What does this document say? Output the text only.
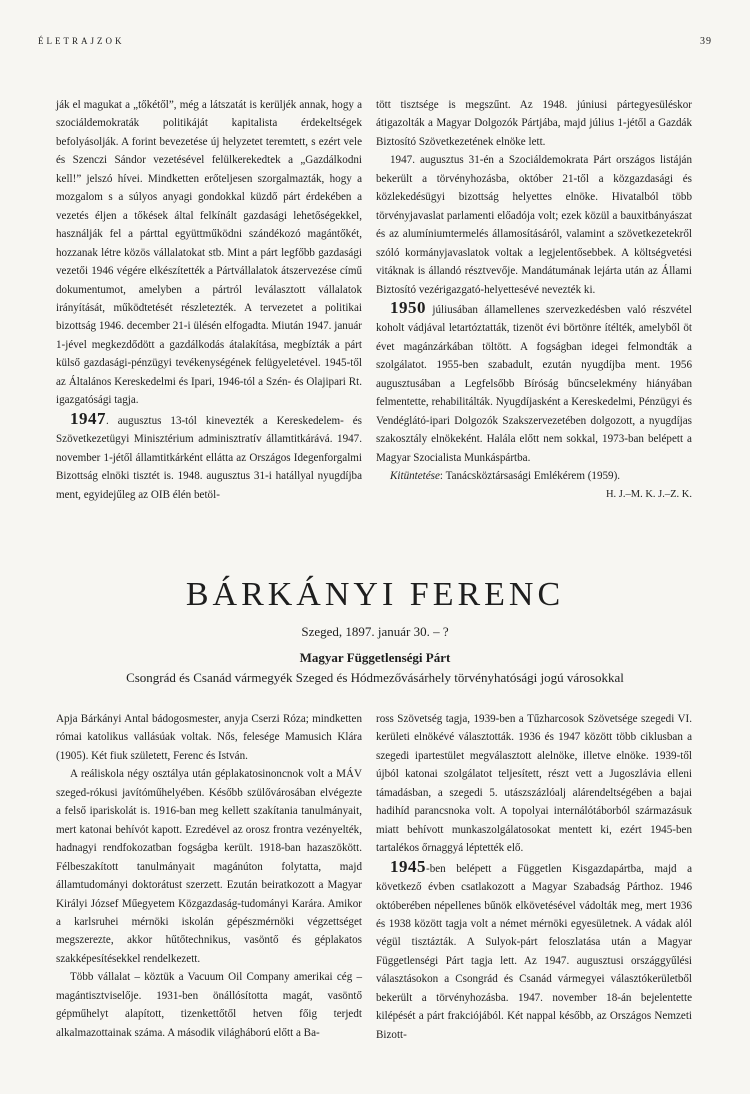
ÉLETRAJZOK	39

ják el magukat a „tőkétől”, még a látszatát is kerüljék annak, hogy a szociáldemokraták politikáját kapitalista érdekeltségek befolyásolják. A forint bevezetése új helyzetet teremtett, s ezért vele és Szenczi Sándor vezetésével felülkerekedtek a „Gazdálkodni kell!” jelszó hívei. Mindketten erőteljesen szorgalmazták, hogy a mozgalom s a súlyos anyagi gondokkal küzdő párt érdekében a vezetés éljen a tőkések által felkínált gazdasági lehetőségekkel, használják fel a párttal együttműködni szándékozó magántőkét, hozzanak létre közös vállalatokat stb. Mint a párt legfőbb gazdasági vezetői 1946 végére elkészítették a Pártvállalatok átszervezése című dokumentumot, amelyben a pártról leválasztott vállalatok irányítását, működtetését részletezték. A tervezetet a politikai bizottság 1946. december 21-i ülésén elfogadta. Miután 1947. január 1-jével megkezdődött a gazdálkodás átalakítása, megbízták a párt külső gazdasági-pénzügyi tevékenységének felügyeletével. 1945-től az Általános Kereskedelmi és Ipari, 1946-tól a Szén- és Olajipari Rt. igazgatósági tagja.

1947. augusztus 13-tól kinevezték a Kereskedelem- és Szövetkezetügyi Minisztérium adminisztratív államtitkárává. 1947. november 1-jétől államtitkárként ellátta az Országos Idegenforgalmi Bizottság elnöki tisztét is. 1948. augusztus 31-i hatállyal nyugdíjba ment, egyidejűleg az OIB élén betöl-

tött tisztsége is megszűnt. Az 1948. júniusi pártegyesüléskor átigazolták a Magyar Dolgozók Pártjába, majd július 1-jétől a Gazdák Biztosító Szövetkezetének elnöke lett.

1947. augusztus 31-én a Szociáldemokrata Párt országos listáján bekerült a törvényhozásba, október 21-től a közgazdasági és közlekedésügyi bizottság helyettes elnöke. Hivatalból több törvényjavaslat parlamenti előadója volt; ezek közül a bauxitbányászat és az alumíniumtermelés államosításáról, valamint a szövetkezetekről szóló kormányjavaslatok voltak a legjelentősebbek. A költségvetési vitáknak is állandó résztvevője. Mandátumának lejárta után az Állami Biztosító vezérigazgató-helyettesévé nevezték ki.

1950 júliusában államellenes szervezkedésben való részvétel koholt vádjával letartóztatták, tizenöt évi börtönre ítélték, amelyből öt évet magánzárkában töltött. A fogságban idegei felmondták a szolgálatot. 1955-ben szabadult, ezután nyugdíjba ment. 1956 augusztusában a Legfelsőbb Bíróság bűncselekmény hiányában felmentette, rehabilitálták. Nyugdíjasként a Kereskedelmi, Pénzügyi és Vendéglátó-ipari Dolgozók Szakszervezetében dolgozott, a nyugdíjas szakosztály elnökeként. Halála előtt nem sokkal, 1973-ban belépett a Magyar Szocialista Munkáspártba.

Kitüntetése: Tanácsköztársasági Emlékérem (1959).

H. J.–M. K. J.–Z. K.

BÁRKÁNYI FERENC
Szeged, 1897. január 30. – ?
Magyar Függetlenségi Párt
Csongrád és Csanád vármegyék Szeged és Hódmezővásárhely törvényhatósági jogú városokkal

Apja Bárkányi Antal bádogosmester, anyja Cserzi Róza; mindketten római katolikus vallásúak voltak. Nős, felesége Mamusich Klára (1905). Két fiuk született, Ferenc és István.

A reáliskola négy osztálya után géplakatosinoncnok volt a MÁV szeged-rókusi javítóműhelyében. Később szülővárosában elvégezte a felső ipariskolát is. 1916-ban meg kellett szakítania tanulmányait, mert katonai behívót kapott. Ezredével az orosz frontra vezényelték, hadnagyi rendfokozatban fogságba került. 1918-ban hazaszökött. Félbeszakított tanulmányait magánúton folytatta, majd államtudományi doktorátust szerzett. Ezután beiratkozott a Magyar Királyi József Műegyetem Közgazdaság-tudományi Karára. Amikor a karlsruhei mérnöki iskolán gépészmérnöki végzettséget megszerezte, akkor hűtőtechnikus, vasöntő és géplakatos szakképesítésekkel rendelkezett.

Több vállalat – köztük a Vacuum Oil Company amerikai cég – magántisztviselője. 1931-ben önállósította magát, vasöntő gépműhelyt alapított, tizenkettőtől hetven főig terjedt alkalmazottainak száma. A második világháború előtt a Ba-

ross Szövetség tagja, 1939-ben a Tűzharcosok Szövetsége szegedi VI. kerületi elnökévé választották. 1936 és 1947 között több ciklusban a szegedi ipartestület megválasztott alelnöke, illetve elnöke. 1939-től újból katonai szolgálatot teljesített, részt vett a Jugoszlávia elleni támadásban, a szegedi 5. utászszázlóalj alárendeltségében a bajai hadihíd parancsnoka volt. A topolyai internálótáborból származásuk miatt behívott munkaszolgálatosokat mentett ki, ezért 1945-ben tartalékos őrnaggyá léptették elő.

1945-ben belépett a Független Kisgazdapártba, majd a következő évben csatlakozott a Magyar Szabadság Párthoz. 1946 októberében népellenes bűnök elkövetésével vádolták meg, mert 1936 és 1938 között tagja volt a német mérnöki egyesületnek. A vádak alól végül tisztázták. A Sulyok-párt feloszlatása után a Magyar Függetlenségi Párt tagja lett. Az 1947. augusztusi országgyűlési választásokon a Csongrád és Csanád vármegyei választókerületből bekerült a törvényhozásba. 1947. november 18-án bejelentette kilépését a párt frakciójából. Két nappal később, az Országos Nemzeti Bizott-
